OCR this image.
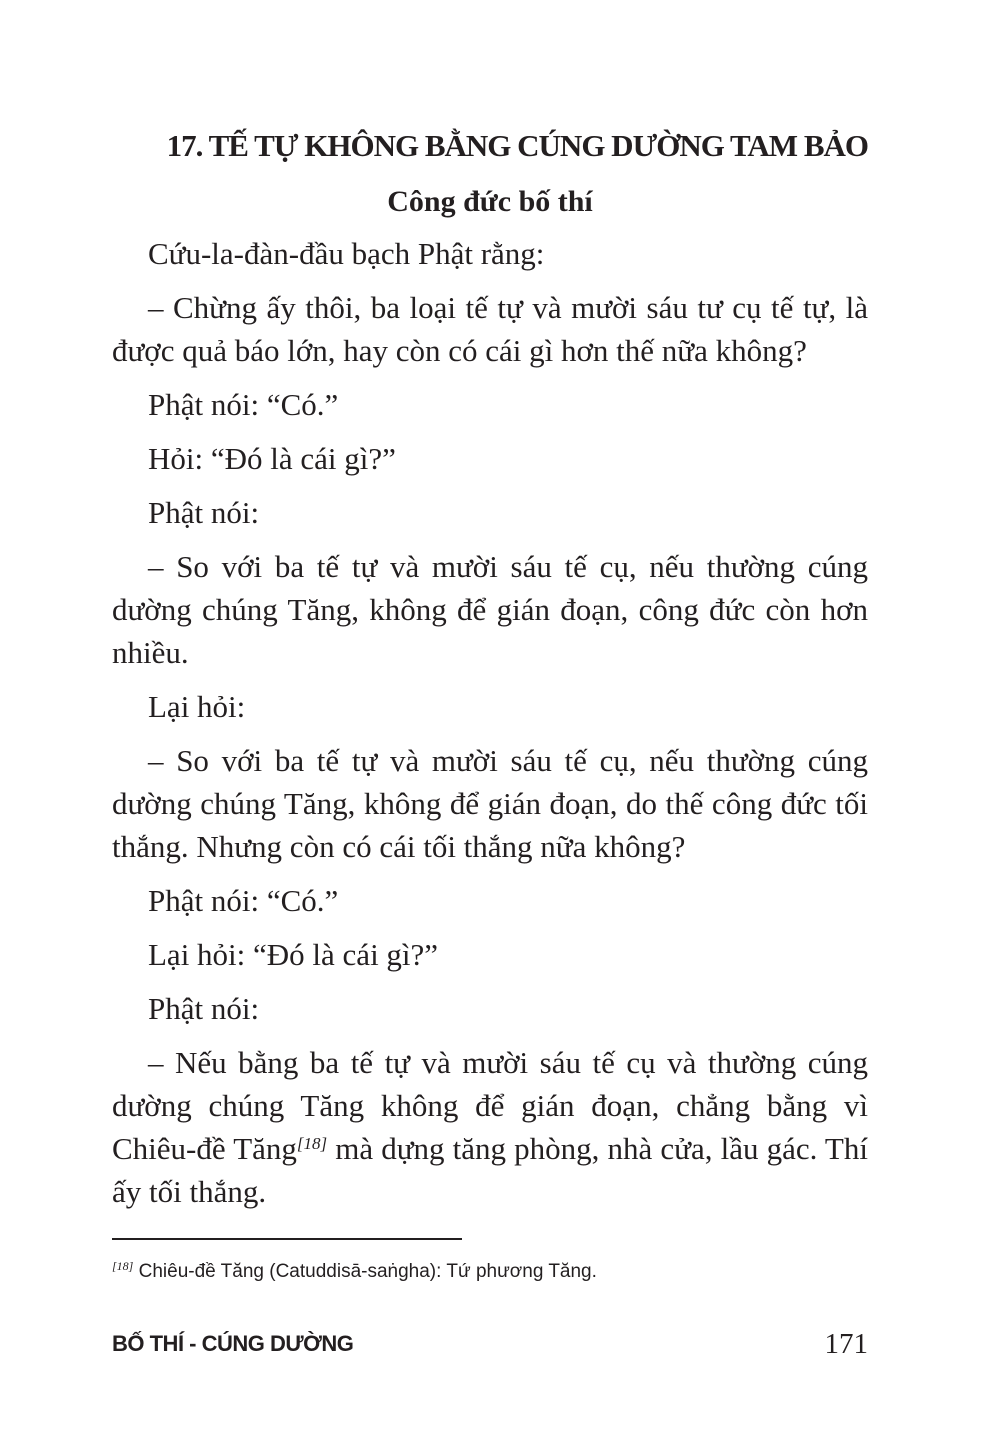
17. TẾ TỰ KHÔNG BẰNG CÚNG DƯỜNG TAM BẢO
Công đức bố thí

Cứu-la-đàn-đầu bạch Phật rằng:

– Chừng ấy thôi, ba loại tế tự và mười sáu tư cụ tế tự, là được quả báo lớn, hay còn có cái gì hơn thế nữa không?

Phật nói: “Có.”

Hỏi: “Đó là cái gì?”

Phật nói:

– So với ba tế tự và mười sáu tế cụ, nếu thường cúng dường chúng Tăng, không để gián đoạn, công đức còn hơn nhiều.

Lại hỏi:

– So với ba tế tự và mười sáu tế cụ, nếu thường cúng dường chúng Tăng, không để gián đoạn, do thế công đức tối thắng. Nhưng còn có cái tối thắng nữa không?

Phật nói: “Có.”

Lại hỏi: “Đó là cái gì?”

Phật nói:

– Nếu bằng ba tế tự và mười sáu tế cụ và thường cúng dường chúng Tăng không để gián đoạn, chẳng bằng vì Chiêu-đề Tăng[18] mà dựng tăng phòng, nhà cửa, lầu gác. Thí ấy tối thắng.

[18] Chiêu-đề Tăng (Catuddisā-saṅgha): Tứ phương Tăng.
BỐ THÍ - CÚNG DƯỜNG	171
